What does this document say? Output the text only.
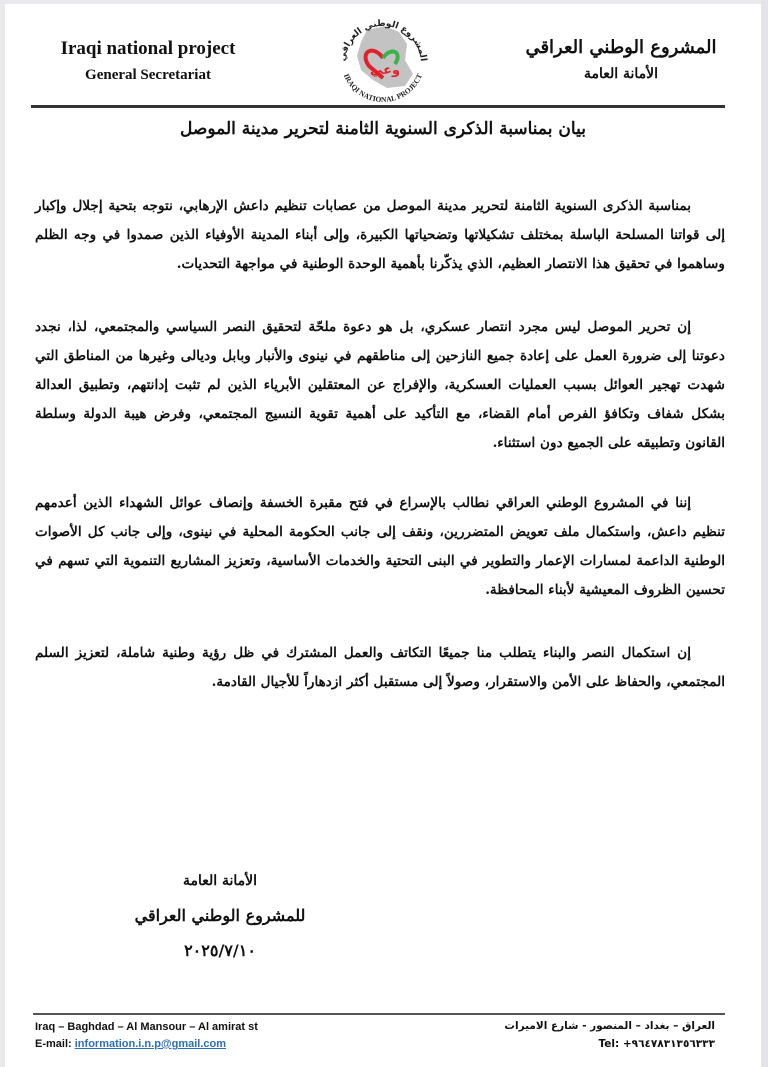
Iraqi national project
General Secretariat	وعي
المشروع الوطني العراقي
IRAQI NATIONAL PROJECT
المشروع الوطني العراقي
الأمانة العامة
بيان بمناسبة الذكرى السنوية الثامنة لتحرير مدينة الموصل

بمناسبة الذكرى السنوية الثامنة لتحرير مدينة الموصل من عصابات تنظيم داعش الإرهابي، نتوجه بتحية إجلال وإكبار إلى قواتنا المسلحة الباسلة بمختلف تشكيلاتها وتضحياتها الكبيرة، وإلى أبناء المدينة الأوفياء الذين صمدوا في وجه الظلم وساهموا في تحقيق هذا الانتصار العظيم، الذي يذكّرنا بأهمية الوحدة الوطنية في مواجهة التحديات.

إن تحرير الموصل ليس مجرد انتصار عسكري، بل هو دعوة ملحّة لتحقيق النصر السياسي والمجتمعي، لذا، نجدد دعوتنا إلى ضرورة العمل على إعادة جميع النازحين إلى مناطقهم في نينوى والأنبار وبابل وديالى وغيرها من المناطق التي شهدت تهجير العوائل بسبب العمليات العسكرية، والإفراج عن المعتقلين الأبرياء الذين لم تثبت إدانتهم، وتطبيق العدالة بشكل شفاف وتكافؤ الفرص أمام القضاء، مع التأكيد على أهمية تقوية النسيج المجتمعي، وفرض هيبة الدولة وسلطة القانون وتطبيقه على الجميع دون استثناء.

إننا في المشروع الوطني العراقي نطالب بالإسراع في فتح مقبرة الخسفة وإنصاف عوائل الشهداء الذين أعدمهم تنظيم داعش، واستكمال ملف تعويض المتضررين، ونقف إلى جانب الحكومة المحلية في نينوى، وإلى جانب كل الأصوات الوطنية الداعمة لمسارات الإعمار والتطوير في البنى التحتية والخدمات الأساسية، وتعزيز المشاريع التنموية التي تسهم في تحسين الظروف المعيشية لأبناء المحافظة.

إن استكمال النصر والبناء يتطلب منا جميعًا التكاتف والعمل المشترك في ظل رؤية وطنية شاملة، لتعزيز السلم المجتمعي، والحفاظ على الأمن والاستقرار، وصولاً إلى مستقبل أكثر ازدهاراً للأجيال القادمة.

الأمانة العامة
للمشروع الوطني العراقي
٢٠٢٥/٧/١٠
Iraq – Baghdad – Al Mansour – Al amirat st
E-mail: information.i.n.p@gmail.com
العراق – بغداد – المنصور - شارع الاميرات
Tel: +٩٦٤٧٨٣١٣٥٦٣٣٣
